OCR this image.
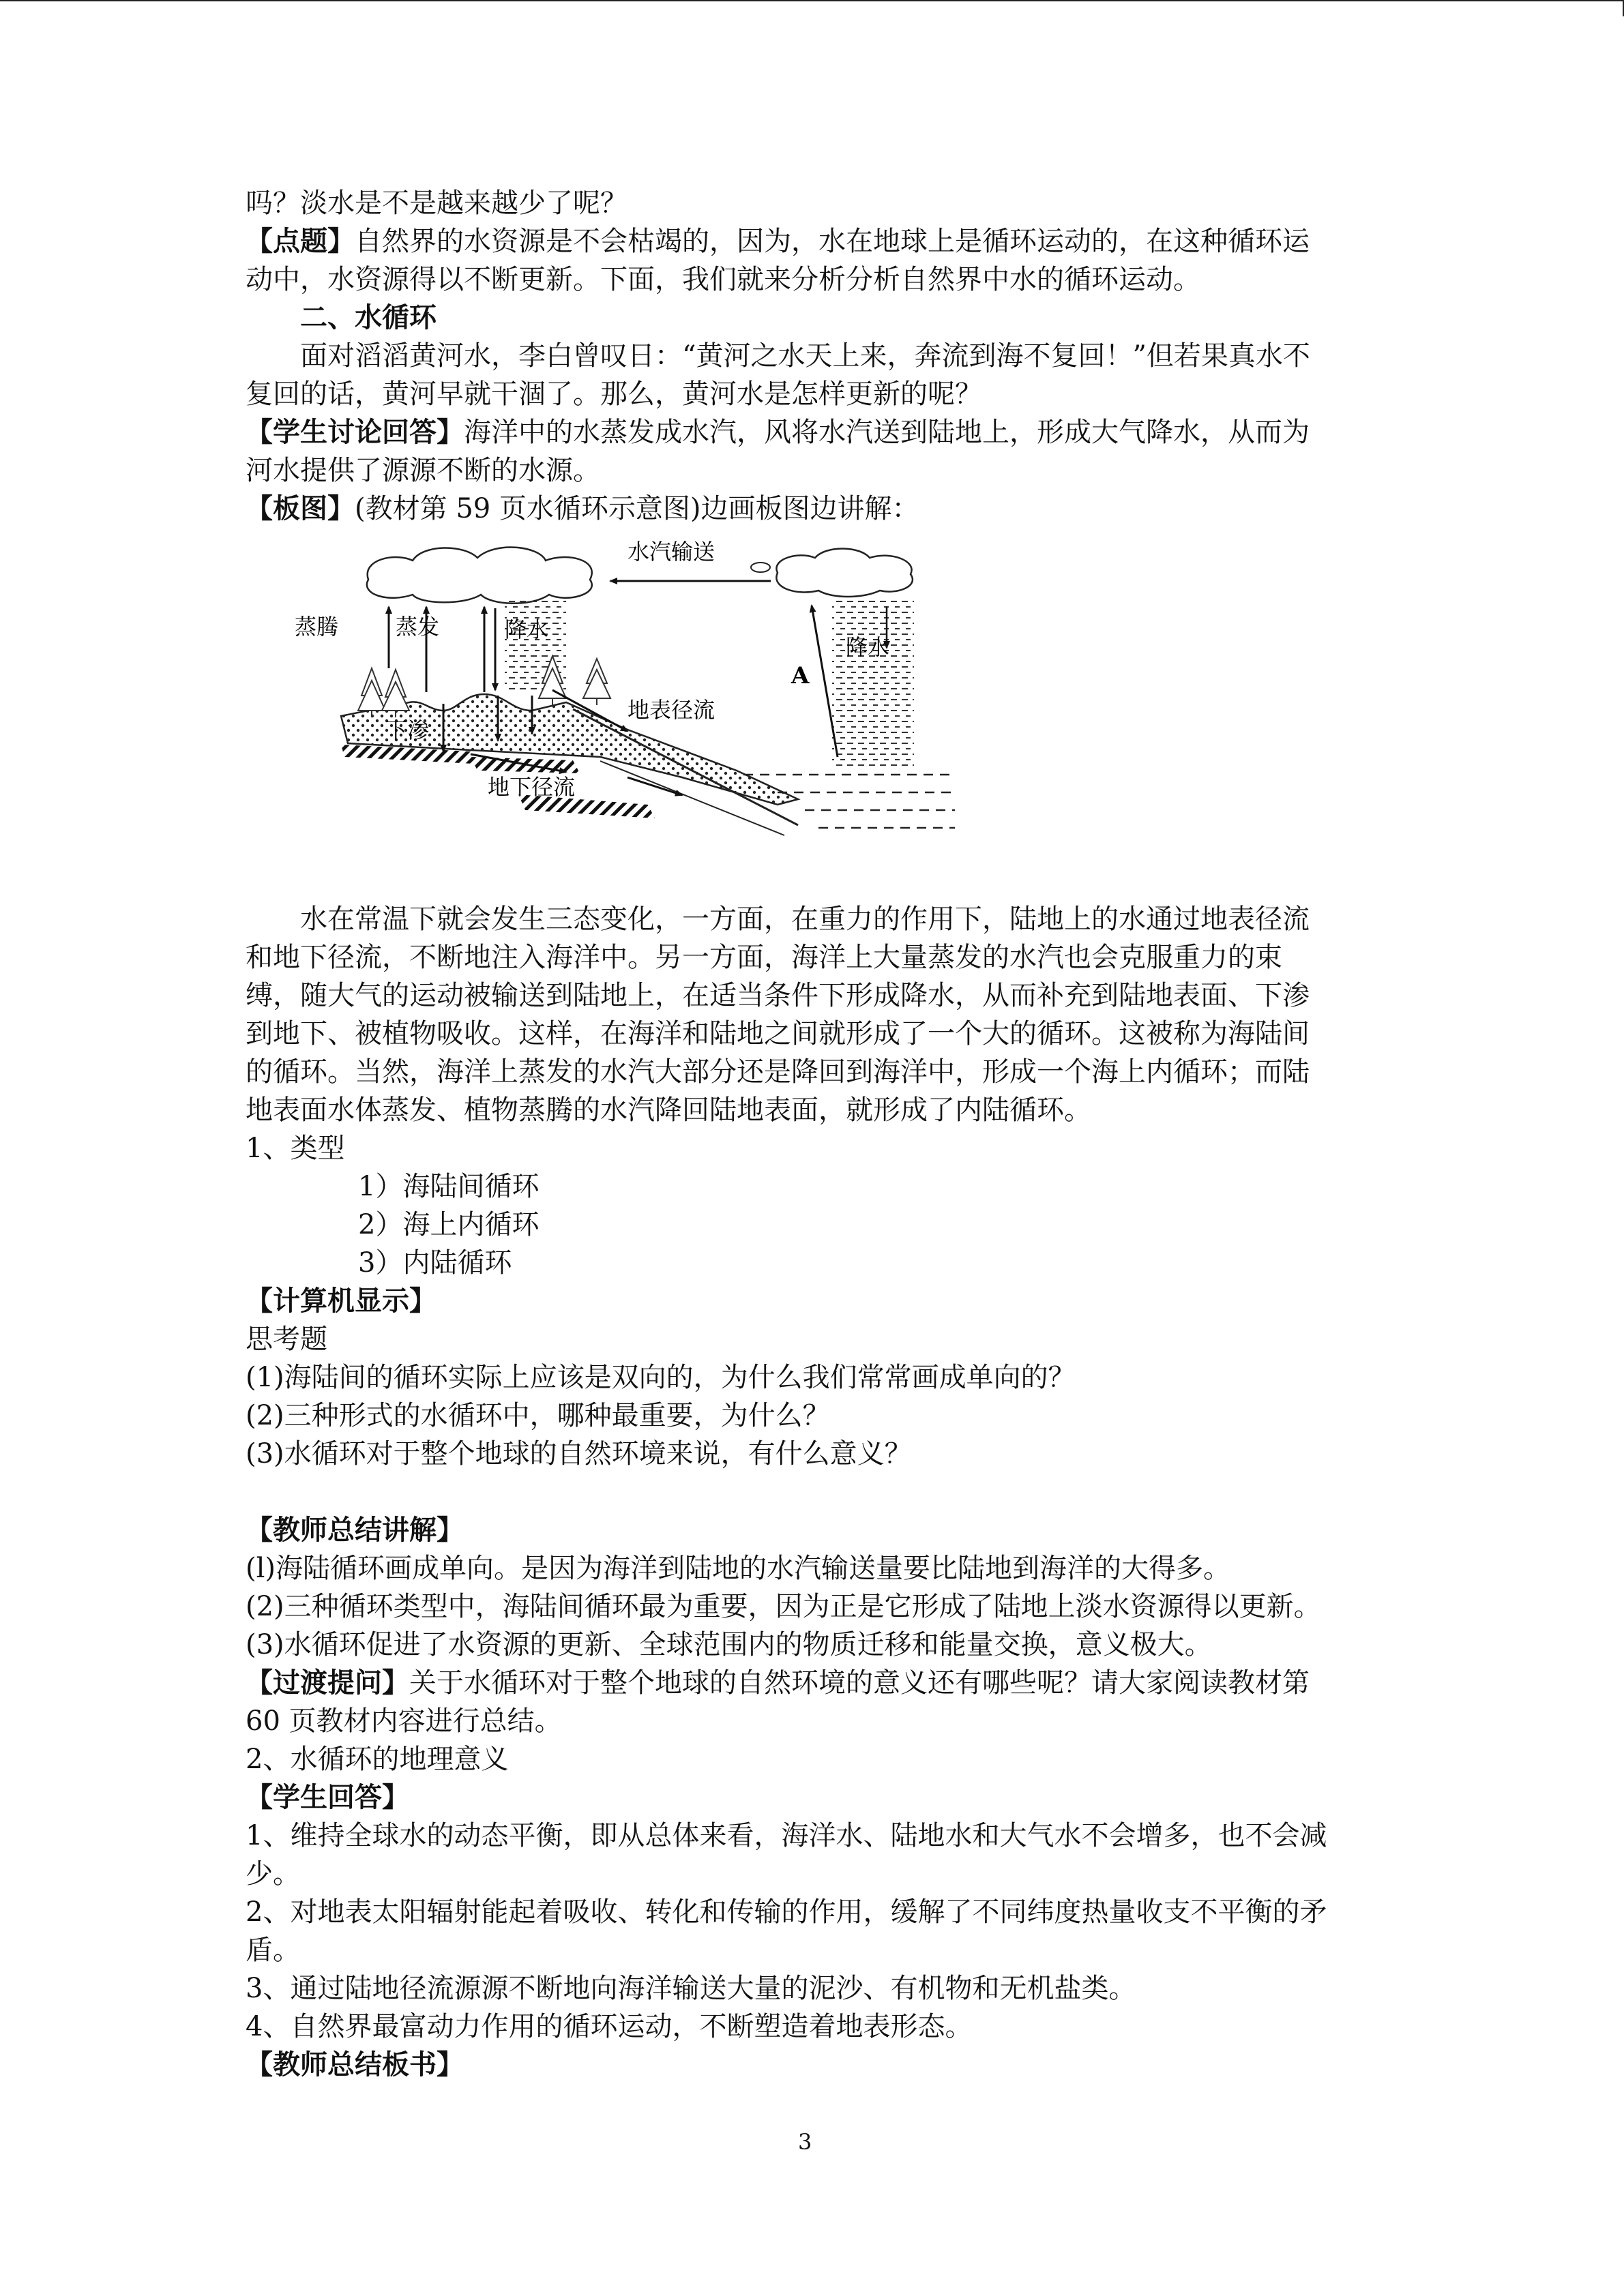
吗？淡水是不是越来越少了呢？

【点题】自然界的水资源是不会枯竭的，因为，水在地球上是循环运动的，在这种循环运

动中，水资源得以不断更新。下面，我们就来分析分析自然界中水的循环运动。

二、水循环

面对滔滔黄河水，李白曾叹日：“黄河之水天上来，奔流到海不复回！”但若果真水不

复回的话，黄河早就干涸了。那么，黄河水是怎样更新的呢？

【学生讨论回答】海洋中的水蒸发成水汽，风将水汽送到陆地上，形成大气降水，从而为

河水提供了源源不断的水源。

【板图】(教材第 59 页水循环示意图)边画板图边讲解：

水汽输送
蒸腾	蒸发	降水
下渗
地表径流
地下径流
A
降水

水在常温下就会发生三态变化，一方面，在重力的作用下，陆地上的水通过地表径流

和地下径流，不断地注入海洋中。另一方面，海洋上大量蒸发的水汽也会克服重力的束

缚，随大气的运动被输送到陆地上，在适当条件下形成降水，从而补充到陆地表面、下渗

到地下、被植物吸收。这样，在海洋和陆地之间就形成了一个大的循环。这被称为海陆间

的循环。当然，海洋上蒸发的水汽大部分还是降回到海洋中，形成一个海上内循环；而陆

地表面水体蒸发、植物蒸腾的水汽降回陆地表面，就形成了内陆循环。

1、类型

1）海陆间循环

2）海上内循环

3）内陆循环

【计算机显示】

思考题

(1)海陆间的循环实际上应该是双向的，为什么我们常常画成单向的？

(2)三种形式的水循环中，哪种最重要，为什么？

(3)水循环对于整个地球的自然环境来说，有什么意义？

【教师总结讲解】

(l)海陆循环画成单向。是因为海洋到陆地的水汽输送量要比陆地到海洋的大得多。

(2)三种循环类型中，海陆间循环最为重要，因为正是它形成了陆地上淡水资源得以更新。

(3)水循环促进了水资源的更新、全球范围内的物质迁移和能量交换，意义极大。

【过渡提问】关于水循环对于整个地球的自然环境的意义还有哪些呢？请大家阅读教材第

60 页教材内容进行总结。

2、水循环的地理意义

【学生回答】

1、维持全球水的动态平衡，即从总体来看，海洋水、陆地水和大气水不会增多，也不会减

少。

2、对地表太阳辐射能起着吸收、转化和传输的作用，缓解了不同纬度热量收支不平衡的矛

盾。

3、通过陆地径流源源不断地向海洋输送大量的泥沙、有机物和无机盐类。

4、自然界最富动力作用的循环运动，不断塑造着地表形态。

【教师总结板书】

3
